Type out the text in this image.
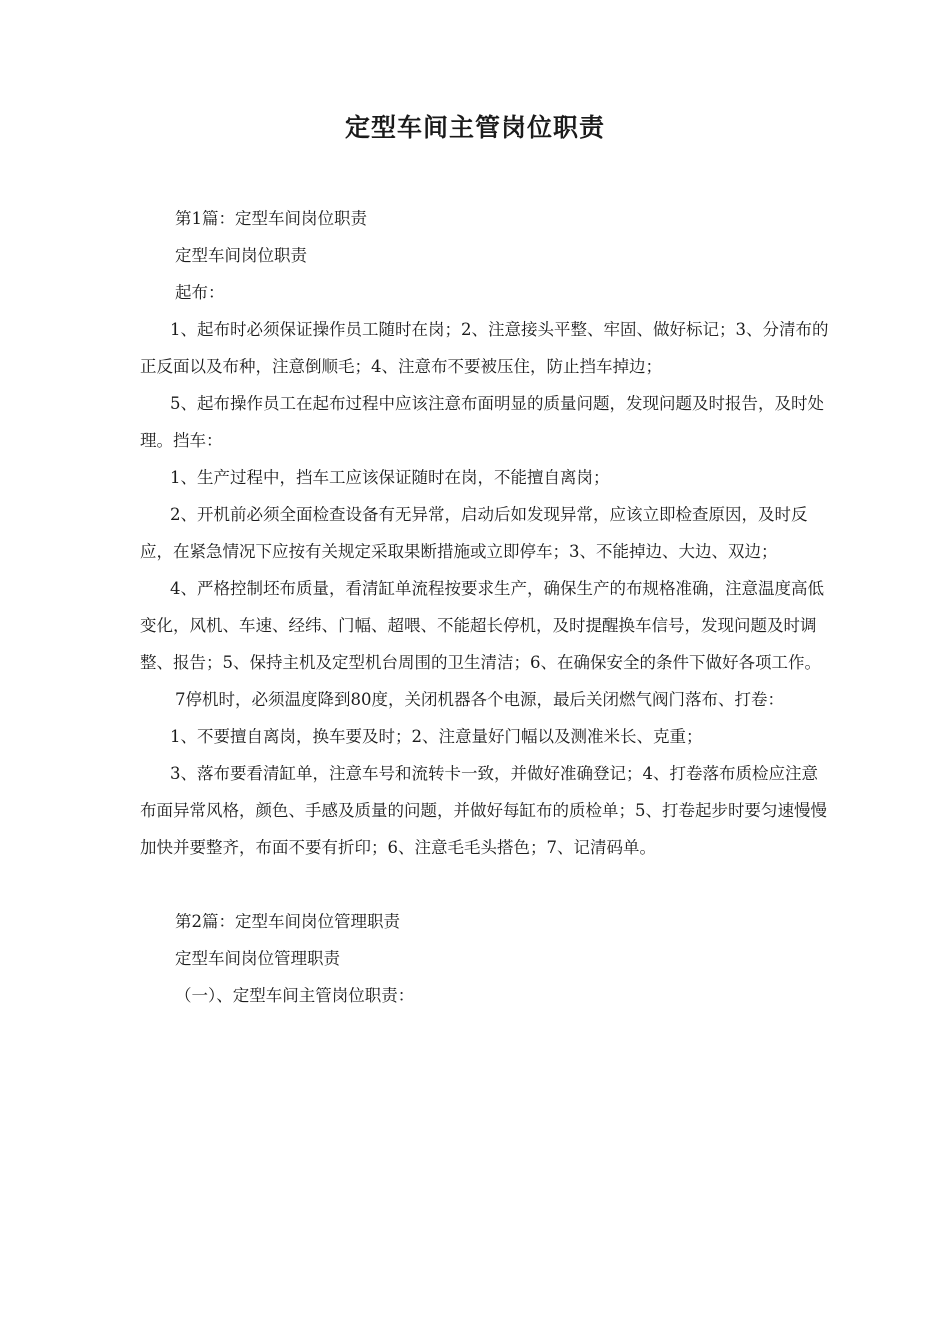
定型车间主管岗位职责

第1篇：定型车间岗位职责

定型车间岗位职责

起布：

1、起布时必须保证操作员工随时在岗；2、注意接头平整、牢固、做好标记；3、分清布的正反面以及布种，注意倒顺毛；4、注意布不要被压住，防止挡车掉边；

5、起布操作员工在起布过程中应该注意布面明显的质量问题，发现问题及时报告，及时处理。挡车：

1、生产过程中，挡车工应该保证随时在岗，不能擅自离岗；

2、开机前必须全面检查设备有无异常，启动后如发现异常，应该立即检查原因，及时反应，在紧急情况下应按有关规定采取果断措施或立即停车；3、不能掉边、大边、双边；

4、严格控制坯布质量，看清缸单流程按要求生产，确保生产的布规格准确，注意温度高低变化，风机、车速、经纬、门幅、超喂、不能超长停机，及时提醒换车信号，发现问题及时调整、报告；5、保持主机及定型机台周围的卫生清洁；6、在确保安全的条件下做好各项工作。

7停机时，必须温度降到80度，关闭机器各个电源，最后关闭燃气阀门落布、打卷：

1、不要擅自离岗，换车要及时；2、注意量好门幅以及测准米长、克重；

3、落布要看清缸单，注意车号和流转卡一致，并做好准确登记；4、打卷落布质检应注意布面异常风格，颜色、手感及质量的问题，并做好每缸布的质检单；5、打卷起步时要匀速慢慢加快并要整齐，布面不要有折印；6、注意毛毛头搭色；7、记清码单。

第2篇：定型车间岗位管理职责

定型车间岗位管理职责

（一）、定型车间主管岗位职责：
